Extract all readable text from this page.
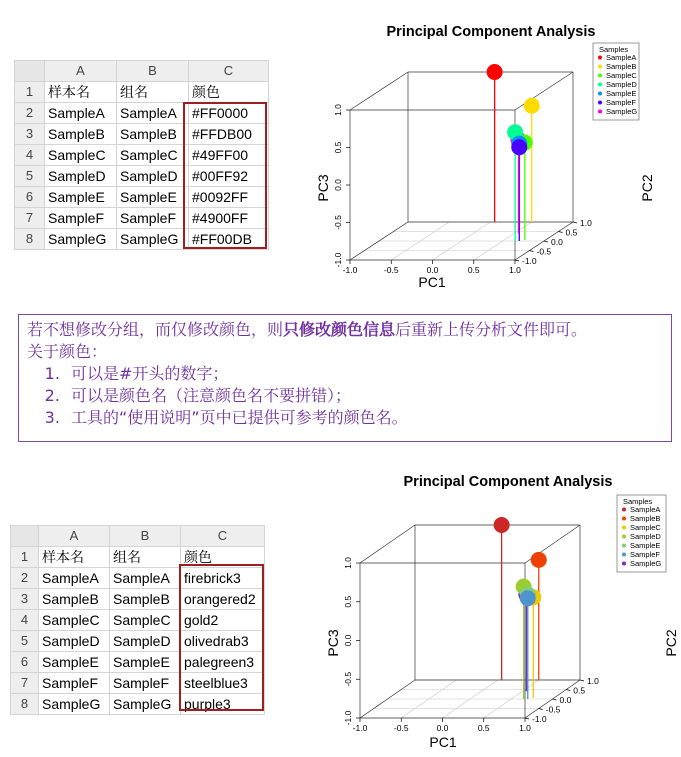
	A	B	C
1	样本名	组名	颜色
2	SampleA	SampleA	#FF0000
3	SampleB	SampleB	#FFDB00
4	SampleC	SampleC	#49FF00
5	SampleD	SampleD	#00FF92
6	SampleE	SampleE	#0092FF
7	SampleF	SampleF	#4900FF
8	SampleG	SampleG	#FF00DB
Principal Component Analysis
-1.0	-0.5	0.0	0.5	1.0
-1.0
-0.5
0.0
0.5
1.0
-1.0
-0.5
0.0
0.5
1.0
PC1
PC2
PC3
Samples
SampleA
SampleB
SampleC
SampleD
SampleE
SampleF
SampleG
若不想修改分组，而仅修改颜色，则只修改颜色信息后重新上传分析文件即可。
关于颜色：
1. 可以是#开头的数字；
2. 可以是颜色名（注意颜色名不要拼错）；
3. 工具的“使用说明”页中已提供可参考的颜色名。
	A	B	C
1	样本名	组名	颜色
2	SampleA	SampleA	firebrick3
3	SampleB	SampleB	orangered2
4	SampleC	SampleC	gold2
5	SampleD	SampleD	olivedrab3
6	SampleE	SampleE	palegreen3
7	SampleF	SampleF	steelblue3
8	SampleG	SampleG	purple3
Principal Component Analysis
-1.0	-0.5	0.0	0.5	1.0
-1.0
-0.5
0.0
0.5
1.0
-1.0
-0.5
0.0
0.5
1.0
PC1
PC2
PC3
Samples
SampleA
SampleB
SampleC
SampleD
SampleE
SampleF
SampleG
